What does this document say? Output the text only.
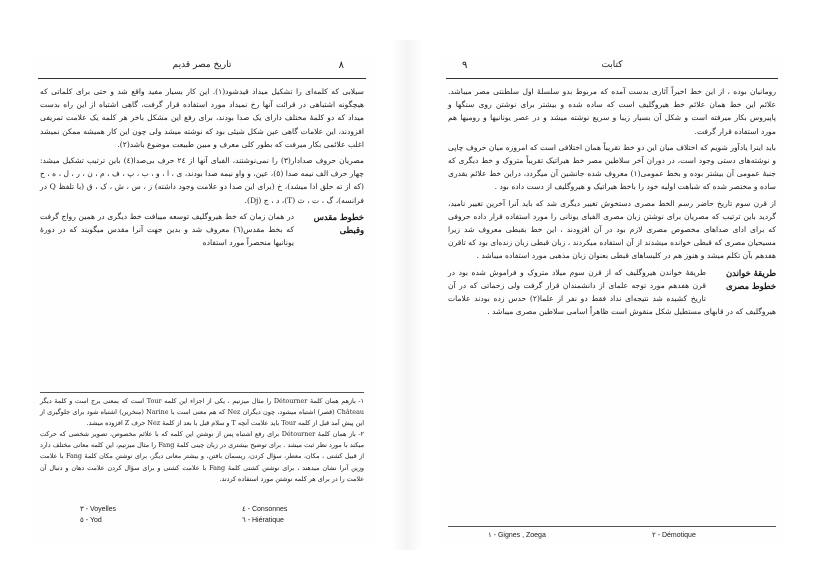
٨
تاریخ مصر قدیم

سیلابی که کلمه‌ای را تشکیل میداد قیدشود(١). این کار بسیار مفید واقع شد و حتی برای کلماتی که هیچگونه اشتباهی در قرائت آنها رخ نمیداد مورد استفاده قرار گرفت، گاهی اشتباه از این راه بدست میداد که دو کلمهٔ مختلف دارای یک صدا بودند، برای رفع این مشکل باخر هر کلمه یک علامت تمریفی افزودند، این علامات گاهی عین شکل شیئی بود که نوشته میشد ولی چون این کار همیشه ممکن نمیشد اغلب علائمی بکار میرفت که بطور کلی معرف و مبین طبیعت موضوع باشد(٢).

مصریان حروف صدادار(٣) را نمی‌نوشتند، الفبای آنها از ٢٤ حرف بی‌صدا(٤) باین ترتیب تشکیل میشد: چهار حرف الف نیمه صدا (٥)، عین، و واو نیمه صدا بودند، ی ، ا ، و ، ب ، پ ، ف ، م ، ن ، ر ، ل ، ه ، ح (که از ته حلق ادا میشد)، خ (برای این صدا دو علامت وجود داشته) ز ، س ، ش ، ک ، ق (با تلفظ Q در فرانسه)، گ ، ت ، ث (T)، د ، ج (Dj).

خطوط مقدس وقبطی
در همان زمان که خط هیروگلیف توسعه میبافت خط دیگری در همین رواج گرفت که بخط مقدس(٦) معروف شد و بدین جهت آنرا مقدس میگویند که در دورهٔ یونانیها منحصراً مورد استفاده

١- بازهم همان کلمهٔ Détourner را مثال میزنیم ، یکی از اجزاء این کلمه Tour است که بمعنی برج است و کلمهٔ دیگر Château (قصر) اشتباه میشود، چون دیگران Nez که هم معنی است با Narine (منخرین) اشتباه شود برای جلوگیری از این پیش آمد قبل از کلمه Tour باید علامت آنچه T و سلام قبل با بعد از کلمهٔ Nez حرف Z افزوده میشد.

٢- باز همان کلمهٔ Détourner برای رفع اشتباه پس از نوشتن این کلمه که با علائم مخصوص، تصویر شخصی که حرکت میکند با مورد نظر ثبت میشد . برای توضیح بیشتری در زبان چینی کلمهٔ Fang را مثال میزنیم، این کلمه معانی مختلف دارد از قبیل کشتی ، مکان، معطر، سؤال کردن، ریسمان بافتن، و بیشتر معانی دیگر، برای نوشتن مکان کلمهٔ Fang با علامت وزین آنرا نشان میدهند ، برای نوشتن کشتی کلمهٔ Fang با علامت کشتی و برای سؤال کردن علامت دهان و دنبال آن علامت را در برای هر کلمه نوشتن مورد استفاده کردند.

٣ - Voyelles	٤ - Consonnes
٥ - Yod	٦ - Hiératique
٩	کتابت

رومانیان بوده ، از این خط اخیراً آثاری بدست آمده که مربوط بدو سلسلهٔ اول سلطنتی مصر میباشد. علائم این خط همان علائم خط هیروگلیف است که ساده شده و بیشتر برای نوشتن روی سنگها و پاپیروس بکار میرفته است و شکل آن بسیار زیبا و سریع نوشته میشد و در عصر یونانیها و رومیها هم مورد استفاده قرار گرفت.

باید اینرا یادآور شویم که اختلاف میان این دو خط تقریباً همان اختلافی است که امروزه میان حروف چاپی و نوشته‌های دستی وجود است، در دوران آخر سلاطین مصر خط هیراتیک تقریباً متروک و خط دیگری که جنبهٔ عمومی آن بیشتر بوده و بخط عمومی(١) معروف شده جانشین آن میگردد، دراین خط علائم بقدری ساده و مختصر شده که شباهت اولیه خود را باخط هیراتیک و هیروگلیف از دست داده بود .

از قرن سوم تاریخ حاضر رسم الخط مصری دستخوش تغییر دیگری شد که باید آنرا آخرین تغییر نامید، گردید باین ترتیب که مصریان برای نوشتن زبان مصری الفبای یونانی را مورد استفاده قرار داده حروفی که برای ادای صداهای مخصوص مصری لازم بود در آن افزودند ، این خط بقبطی معروف شد زیرا مسیحیان مصری که قبطی خوانده میشدند از آن استفاده میکردند ، زبان قبطی زبان زنده‌ای بود که تاقرن هفدهم بآن تکلم میشد و هنوز هم در کلیساهای قبطی بعنوان زبان مذهبی مورد استفاده میباشد .

طریقهٔ خواندن خطوط مصری
طریقهٔ خواندن هیروگلیف که از قرن سوم میلاد متروک و فراموش شده بود در قرن هفدهم مورد توجه علمای از دانشمندان قرار گرفت ولی زحماتی که در آن تاریخ کشیده شد نتیجه‌ای نداد فقط دو نفر از علما(٢) حدس زده بودند علامات هیروگلیف که در قابهای مستطیل شکل منقوش است ظاهراً اسامی سلاطین مصری میباشد .

١ - Gignes , Zoega	٢ - Démotique
